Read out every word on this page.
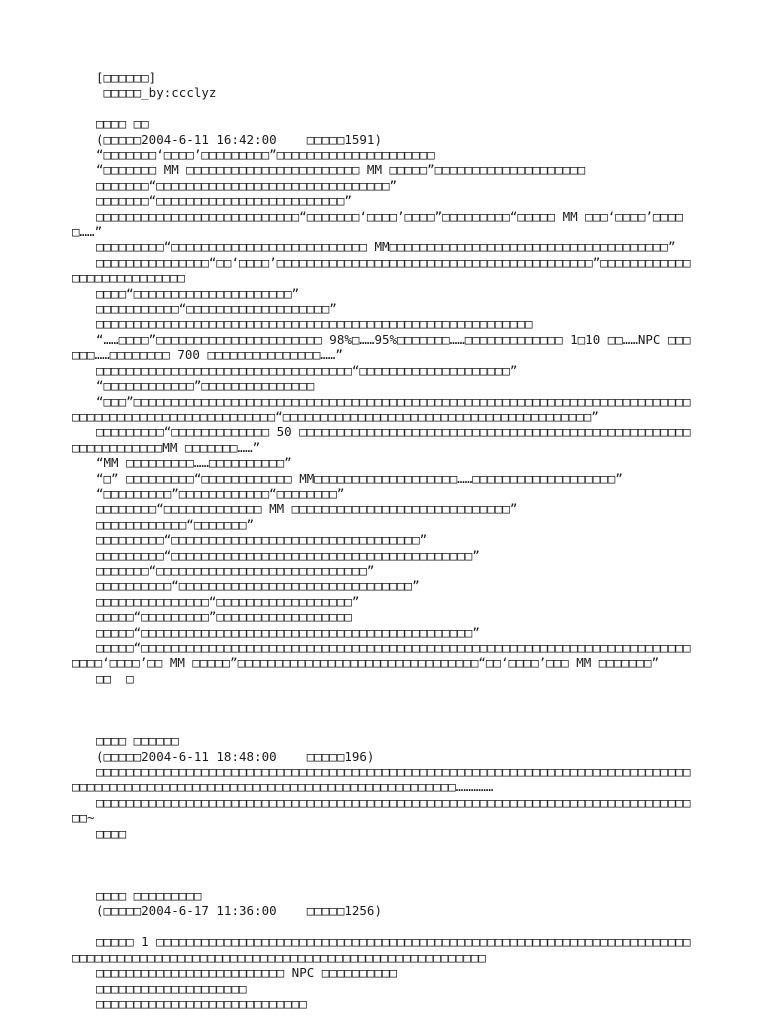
[□□□□□□]
□□□□□_by:ccclyz
□□□□ □□
(□□□□□2004-6-11 16:42:00    □□□□□1591)
“□□□□□□□‘□□□□’□□□□□□□□□”□□□□□□□□□□□□□□□□□□□□□
“□□□□□□□ MM □□□□□□□□□□□□□□□□□□□□□□□ MM □□□□□”□□□□□□□□□□□□□□□□□□□□
□□□□□□□“□□□□□□□□□□□□□□□□□□□□□□□□□□□□□□□”
□□□□□□□“□□□□□□□□□□□□□□□□□□□□□□□□□”
□□□□□□□□□□□□□□□□□□□□□□□□□□□“□□□□□□□‘□□□□’□□□□”□□□□□□□□□“□□□□□ MM □□□‘□□□□’□□□□□……”
□□□□□□□□□“□□□□□□□□□□□□□□□□□□□□□□□□□□ MM□□□□□□□□□□□□□□□□□□□□□□□□□□□□□□□□□□□□□”
□□□□□□□□□□□□□□□“□□‘□□□□’□□□□□□□□□□□□□□□□□□□□□□□□□□□□□□□□□□□□□□□□□□”□□□□□□□□□□□□□□□□□□□□□□□□□□□
□□□□“□□□□□□□□□□□□□□□□□□□□□”
□□□□□□□□□□□“□□□□□□□□□□□□□□□□□□□”
□□□□□□□□□□□□□□□□□□□□□□□□□□□□□□□□□□□□□□□□□□□□□□□□□□□□□□□□□□
“……□□□□”□□□□□□□□□□□□□□□□□□□□□□ 98%□……95%□□□□□□□……□□□□□□□□□□□□□ 1□10 □□……NPC □□□□□□……□□□□□□□□ 700 □□□□□□□□□□□□□□□……”
□□□□□□□□□□□□□□□□□□□□□□□□□□□□□□□□□□“□□□□□□□□□□□□□□□□□□□□”
“□□□□□□□□□□□□”□□□□□□□□□□□□□□□
“□□□”□□□□□□□□□□□□□□□□□□□□□□□□□□□□□□□□□□□□□□□□□□□□□□□□□□□□□□□□□□□□□□□□□□□□□□□□□□□□□□□□□□□□□□□□□□□□□□□□□□□□□“□□□□□□□□□□□□□□□□□□□□□□□□□□□□□□□□□□□□□□□□□”
□□□□□□□□□“□□□□□□□□□□□□□ 50 □□□□□□□□□□□□□□□□□□□□□□□□□□□□□□□□□□□□□□□□□□□□□□□□□□□□□□□□□□□□□□□□MM □□□□□□□……”
“MM □□□□□□□□□……□□□□□□□□□□”
“□” □□□□□□□□□“□□□□□□□□□□□□ MM□□□□□□□□□□□□□□□□□□□……□□□□□□□□□□□□□□□□□□□”
“□□□□□□□□□”□□□□□□□□□□□□“□□□□□□□□”
□□□□□□□□“□□□□□□□□□□□□□ MM □□□□□□□□□□□□□□□□□□□□□□□□□□□□□”
□□□□□□□□□□□□“□□□□□□□”
□□□□□□□□□“□□□□□□□□□□□□□□□□□□□□□□□□□□□□□□□□□”
□□□□□□□□□“□□□□□□□□□□□□□□□□□□□□□□□□□□□□□□□□□□□□□□□□”
□□□□□□□“□□□□□□□□□□□□□□□□□□□□□□□□□□□□”
□□□□□□□□□□“□□□□□□□□□□□□□□□□□□□□□□□□□□□□□□□”
□□□□□□□□□□□□□□□“□□□□□□□□□□□□□□□□□□”
□□□□□“□□□□□□□□□”□□□□□□□□□□□□□□□□□□
□□□□□“□□□□□□□□□□□□□□□□□□□□□□□□□□□□□□□□□□□□□□□□□□□□”
□□□□□“□□□□□□□□□□□□□□□□□□□□□□□□□□□□□□□□□□□□□□□□□□□□□□□□□□□□□□□□□□□□□□□□□□□□□□□□□□□□□‘□□□□’□□ MM □□□□□”□□□□□□□□□□□□□□□□□□□□□□□□□□□□□□□□“□□‘□□□□’□□□ MM □□□□□□□”
□□  □
□□□□ □□□□□□
(□□□□□2004-6-11 18:48:00    □□□□□196)
□□□□□□□□□□□□□□□□□□□□□□□□□□□□□□□□□□□□□□□□□□□□□□□□□□□□□□□□□□□□□□□□□□□□□□□□□□□□□□□□□□□□□□□□□□□□□□□□□□□□□□□□□□□□□□□□□□□□□□□□□□□□□□□□□□……………
□□□□□□□□□□□□□□□□□□□□□□□□□□□□□□□□□□□□□□□□□□□□□□□□□□□□□□□□□□□□□□□□□□□□□□□□□□□□□□□□□~
□□□□
□□□□ □□□□□□□□□
(□□□□□2004-6-17 11:36:00    □□□□□1256)
□□□□□ 1 □□□□□□□□□□□□□□□□□□□□□□□□□□□□□□□□□□□□□□□□□□□□□□□□□□□□□□□□□□□□□□□□□□□□□□□□□□□□□□□□□□□□□□□□□□□□□□□□□□□□□□□□□□□□□□□□□□□□□□□□□□□□□□
□□□□□□□□□□□□□□□□□□□□□□□□□ NPC □□□□□□□□□□
□□□□□□□□□□□□□□□□□□□□
□□□□□□□□□□□□□□□□□□□□□□□□□□□□
